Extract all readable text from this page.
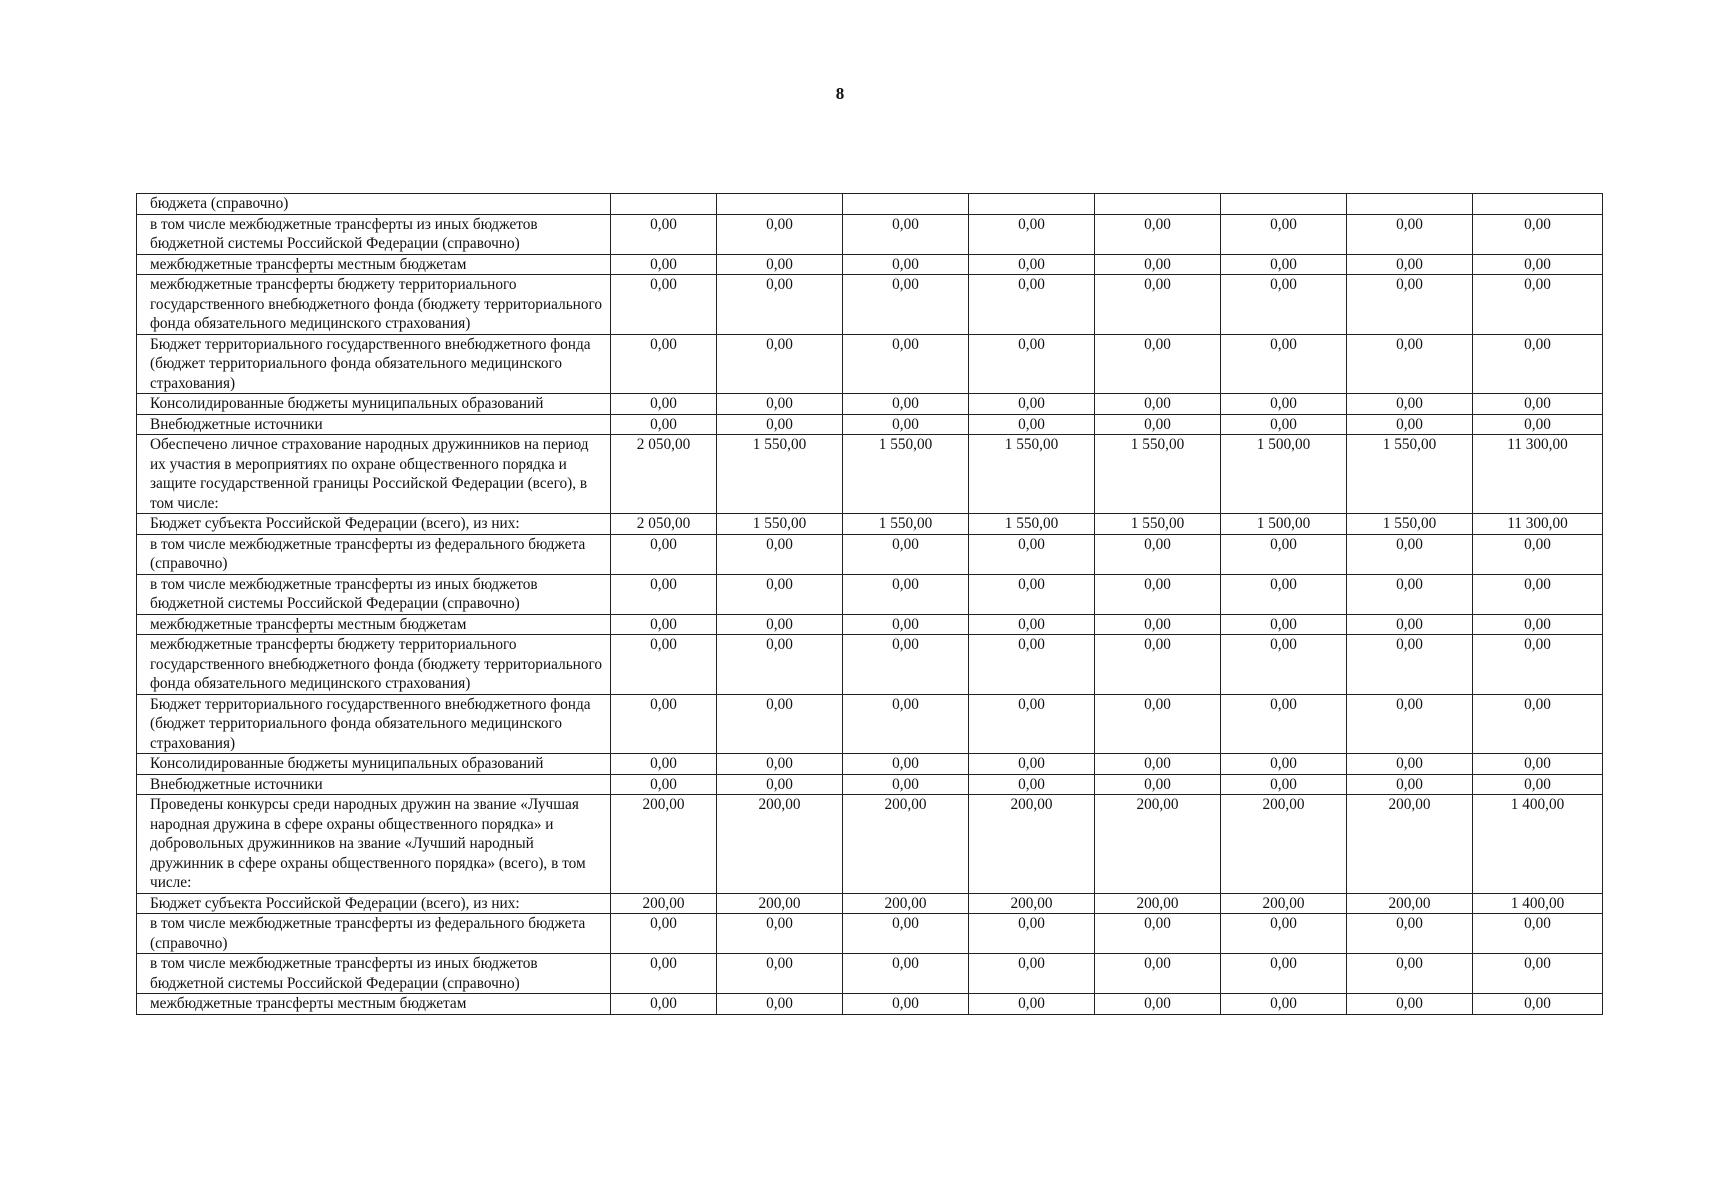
8
бюджета (справочно)								
в том числе межбюджетные трансферты из иных бюджетов бюджетной системы Российской Федерации (справочно)	0,00	0,00	0,00	0,00	0,00	0,00	0,00	0,00
межбюджетные трансферты местным бюджетам	0,00	0,00	0,00	0,00	0,00	0,00	0,00	0,00
межбюджетные трансферты бюджету территориального государственного внебюджетного фонда (бюджету территориального фонда обязательного медицинского страхования)	0,00	0,00	0,00	0,00	0,00	0,00	0,00	0,00
Бюджет территориального государственного внебюджетного фонда (бюджет территориального фонда обязательного медицинского страхования)	0,00	0,00	0,00	0,00	0,00	0,00	0,00	0,00
Консолидированные бюджеты муниципальных образований	0,00	0,00	0,00	0,00	0,00	0,00	0,00	0,00
Внебюджетные источники	0,00	0,00	0,00	0,00	0,00	0,00	0,00	0,00
Обеспечено личное страхование народных дружинников на период их участия в мероприятиях по охране общественного порядка и защите государственной границы Российской Федерации (всего), в том числе:	2 050,00	1 550,00	1 550,00	1 550,00	1 550,00	1 500,00	1 550,00	11 300,00
Бюджет субъекта Российской Федерации (всего), из них:	2 050,00	1 550,00	1 550,00	1 550,00	1 550,00	1 500,00	1 550,00	11 300,00
в том числе межбюджетные трансферты из федерального бюджета (справочно)	0,00	0,00	0,00	0,00	0,00	0,00	0,00	0,00
в том числе межбюджетные трансферты из иных бюджетов бюджетной системы Российской Федерации (справочно)	0,00	0,00	0,00	0,00	0,00	0,00	0,00	0,00
межбюджетные трансферты местным бюджетам	0,00	0,00	0,00	0,00	0,00	0,00	0,00	0,00
межбюджетные трансферты бюджету территориального государственного внебюджетного фонда (бюджету территориального фонда обязательного медицинского страхования)	0,00	0,00	0,00	0,00	0,00	0,00	0,00	0,00
Бюджет территориального государственного внебюджетного фонда (бюджет территориального фонда обязательного медицинского страхования)	0,00	0,00	0,00	0,00	0,00	0,00	0,00	0,00
Консолидированные бюджеты муниципальных образований	0,00	0,00	0,00	0,00	0,00	0,00	0,00	0,00
Внебюджетные источники	0,00	0,00	0,00	0,00	0,00	0,00	0,00	0,00
Проведены конкурсы среди народных дружин на звание «Лучшая народная дружина в сфере охраны общественного порядка» и добровольных дружинников на звание «Лучший народный дружинник в сфере охраны общественного порядка» (всего), в том числе:	200,00	200,00	200,00	200,00	200,00	200,00	200,00	1 400,00
Бюджет субъекта Российской Федерации (всего), из них:	200,00	200,00	200,00	200,00	200,00	200,00	200,00	1 400,00
в том числе межбюджетные трансферты из федерального бюджета (справочно)	0,00	0,00	0,00	0,00	0,00	0,00	0,00	0,00
в том числе межбюджетные трансферты из иных бюджетов бюджетной системы Российской Федерации (справочно)	0,00	0,00	0,00	0,00	0,00	0,00	0,00	0,00
межбюджетные трансферты местным бюджетам	0,00	0,00	0,00	0,00	0,00	0,00	0,00	0,00
